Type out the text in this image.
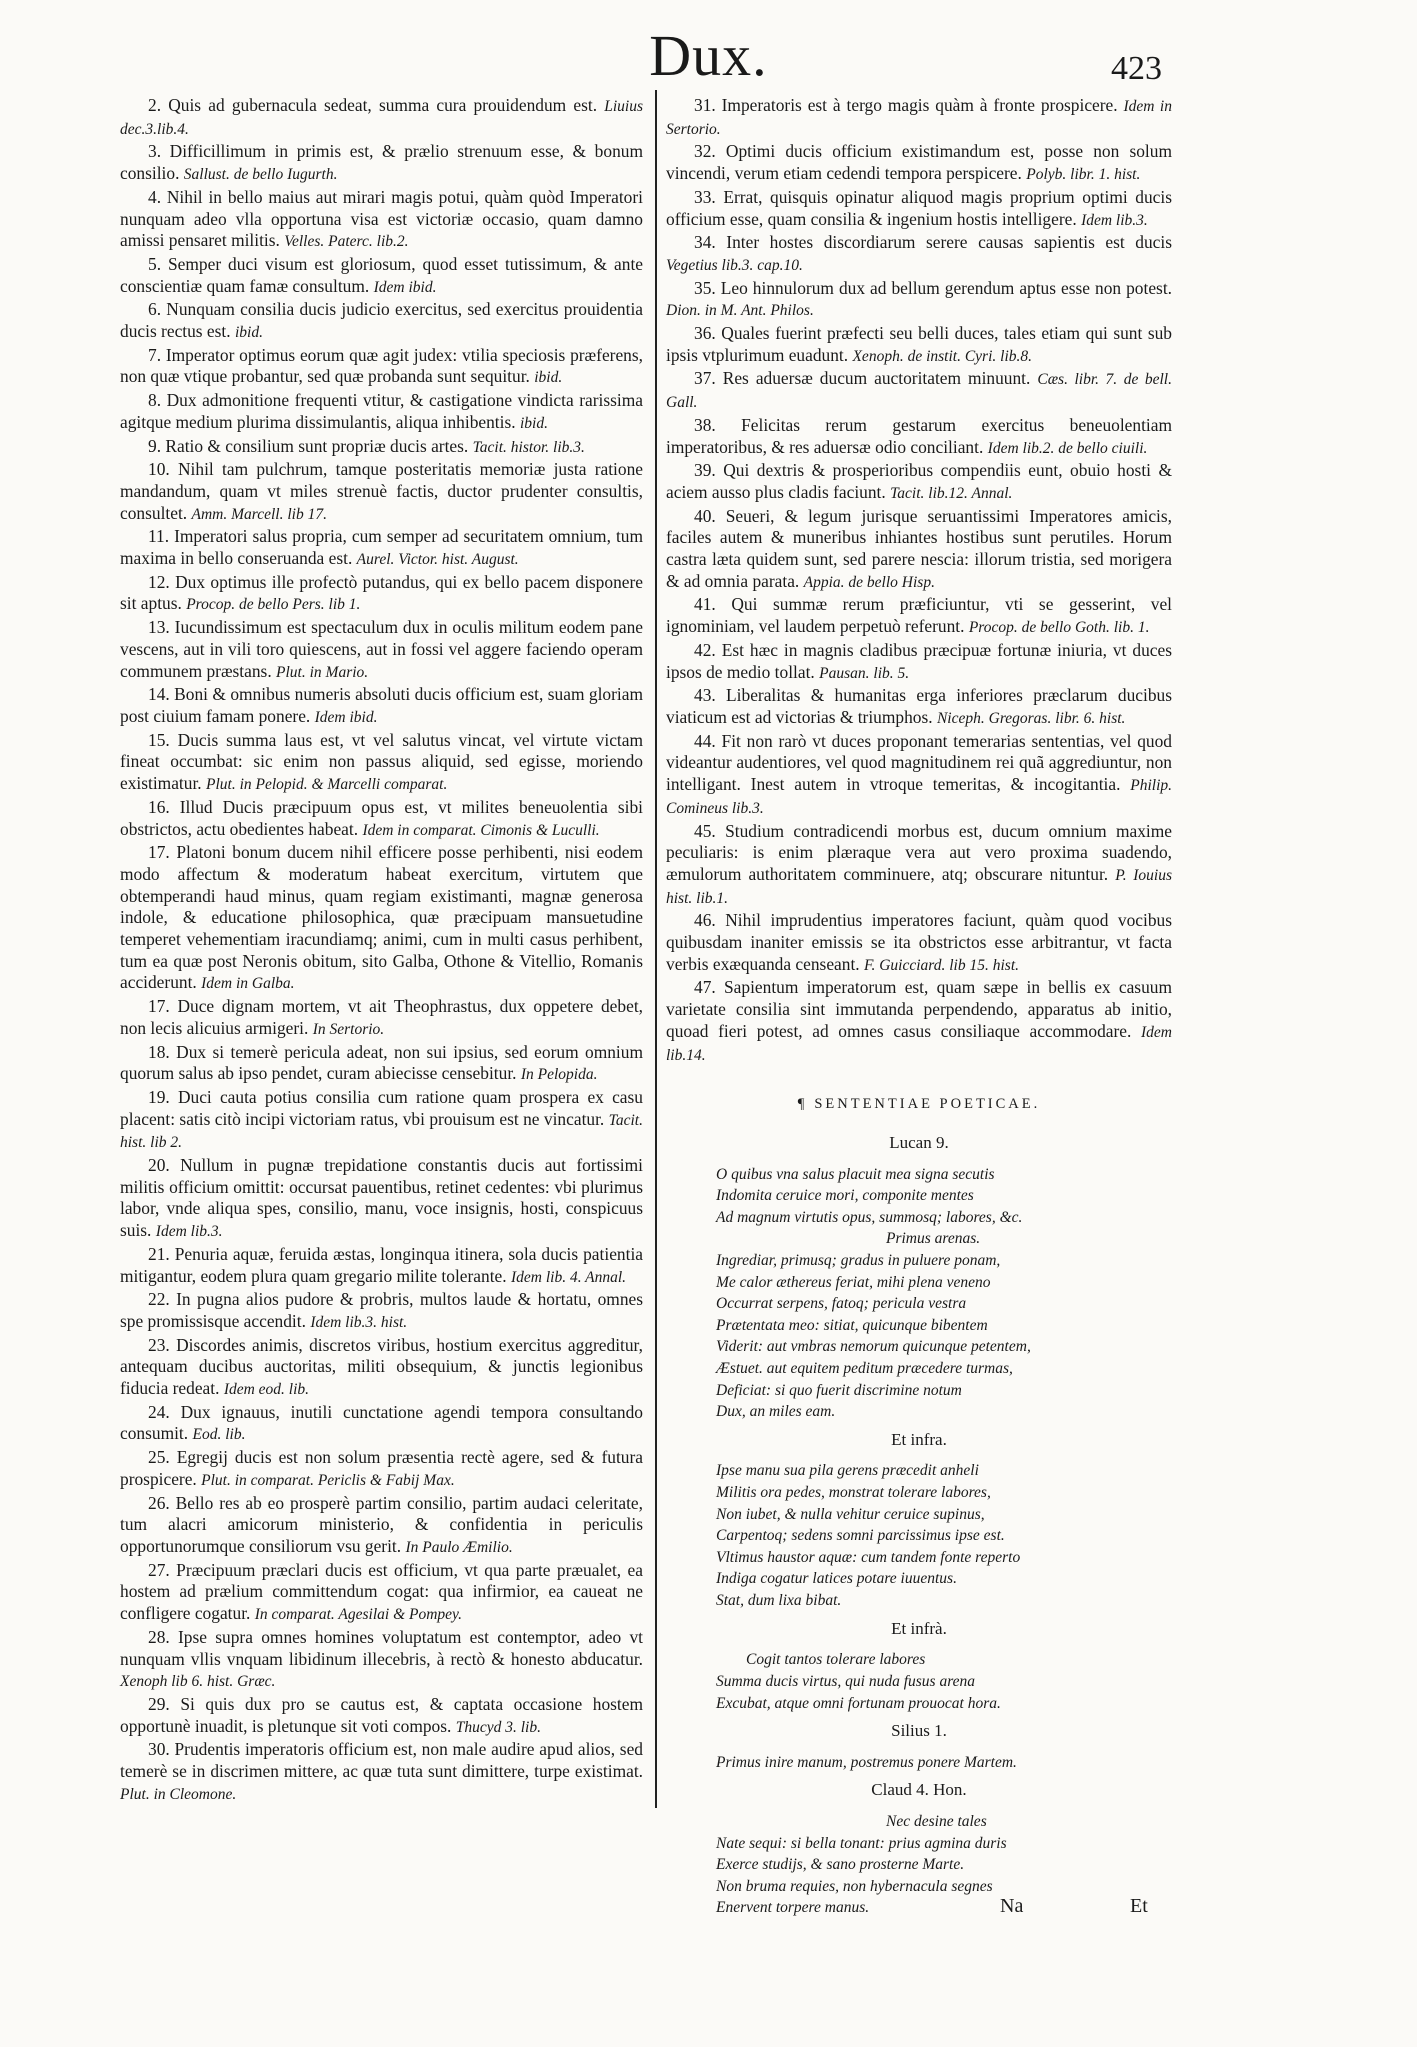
Dux.	423
2. Quis ad gubernacula sedeat, summa cura prouidendum est. Liuius dec.3.lib.4.
3. Difficillimum in primis est, & prælio strenuum esse, & bonum consilio. Sallust. de bello Iugurth.
4. Nihil in bello maius aut mirari magis potui, quàm quòd Imperatori nunquam adeo vlla opportuna visa est victoriæ occasio, quam damno amissi pensaret militis. Velles. Paterc. lib.2.
5. Semper duci visum est gloriosum, quod esset tutissimum, & ante conscientiæ quam famæ consultum. Idem ibid.
6. Nunquam consilia ducis judicio exercitus, sed exercitus prouidentia ducis rectus est. ibid.
7. Imperator optimus eorum quæ agit judex: vtilia speciosis præferens, non quæ vtique probantur, sed quæ probanda sunt sequitur. ibid.
8. Dux admonitione frequenti vtitur, & castigatione vindicta rarissima agitque medium plurima dissimulantis, aliqua inhibentis. ibid.
9. Ratio & consilium sunt propriæ ducis artes. Tacit. histor. lib.3.
10. Nihil tam pulchrum, tamque posteritatis memoriæ justa ratione mandandum, quam vt miles strenuè factis, ductor prudenter consultis, consultet. Amm. Marcell. lib 17.
11. Imperatori salus propria, cum semper ad securitatem omnium, tum maxima in bello conseruanda est. Aurel. Victor. hist. August.
12. Dux optimus ille profectò putandus, qui ex bello pacem disponere sit aptus. Procop. de bello Pers. lib 1.
13. Iucundissimum est spectaculum dux in oculis militum eodem pane vescens, aut in vili toro quiescens, aut in fossi vel aggere faciendo operam communem præstans. Plut. in Mario.
14. Boni & omnibus numeris absoluti ducis officium est, suam gloriam post ciuium famam ponere. Idem ibid.
15. Ducis summa laus est, vt vel salutus vincat, vel virtute victam fineat occumbat: sic enim non passus aliquid, sed egisse, moriendo existimatur. Plut. in Pelopid. & Marcelli comparat.
16. Illud Ducis præcipuum opus est, vt milites beneuolentia sibi obstrictos, actu obedientes habeat. Idem in comparat. Cimonis & Luculli.
17. Platoni bonum ducem nihil efficere posse perhibenti, nisi eodem modo affectum & moderatum habeat exercitum, virtutem que obtemperandi haud minus, quam regiam existimanti, magnæ generosa indole, & educatione philosophica, quæ præcipuam mansuetudine temperet vehementiam iracundiamq; animi, cum in multi casus perhibent, tum ea quæ post Neronis obitum, sito Galba, Othone & Vitellio, Romanis acciderunt. Idem in Galba.
17. Duce dignam mortem, vt ait Theophrastus, dux oppetere debet, non lecis alicuius armigeri. In Sertorio.
18. Dux si temerè pericula adeat, non sui ipsius, sed eorum omnium quorum salus ab ipso pendet, curam abiecisse censebitur. In Pelopida.
19. Duci cauta potius consilia cum ratione quam prospera ex casu placent: satis citò incipi victoriam ratus, vbi prouisum est ne vincatur. Tacit. hist. lib 2.
20. Nullum in pugnæ trepidatione constantis ducis aut fortissimi militis officium omittit: occursat pauentibus, retinet cedentes: vbi plurimus labor, vnde aliqua spes, consilio, manu, voce insignis, hosti, conspicuus suis. Idem lib.3.
21. Penuria aquæ, feruida æstas, longinqua itinera, sola ducis patientia mitigantur, eodem plura quam gregario milite tolerante. Idem lib. 4. Annal.
22. In pugna alios pudore & probris, multos laude & hortatu, omnes spe promissisque accendit. Idem lib.3. hist.
23. Discordes animis, discretos viribus, hostium exercitus aggreditur, antequam ducibus auctoritas, militi obsequium, & junctis legionibus fiducia redeat. Idem eod. lib.
24. Dux ignauus, inutili cunctatione agendi tempora consultando consumit. Eod. lib.
25. Egregij ducis est non solum præsentia rectè agere, sed & futura prospicere. Plut. in comparat. Periclis & Fabij Max.
26. Bello res ab eo prosperè partim consilio, partim audaci celeritate, tum alacri amicorum ministerio, & confidentia in periculis opportunorumque consiliorum vsu gerit. In Paulo Æmilio.
27. Præcipuum præclari ducis est officium, vt qua parte præualet, ea hostem ad prælium committendum cogat: qua infirmior, ea caueat ne confligere cogatur. In comparat. Agesilai & Pompey.
28. Ipse supra omnes homines voluptatum est contemptor, adeo vt nunquam vllis vnquam libidinum illecebris, à rectò & honesto abducatur. Xenoph lib 6. hist. Græc.
29. Si quis dux pro se cautus est, & captata occasione hostem opportunè inuadit, is pletunque sit voti compos. Thucyd 3. lib.
30. Prudentis imperatoris officium est, non male audire apud alios, sed temerè se in discrimen mittere, ac quæ tuta sunt dimittere, turpe existimat. Plut. in Cleomone.
31. Imperatoris est à tergo magis quàm à fronte prospicere. Idem in Sertorio.
32. Optimi ducis officium existimandum est, posse non solum vincendi, verum etiam cedendi tempora perspicere. Polyb. libr. 1. hist.
33. Errat, quisquis opinatur aliquod magis proprium optimi ducis officium esse, quam consilia & ingenium hostis intelligere. Idem lib.3.
34. Inter hostes discordiarum serere causas sapientis est ducis Vegetius lib.3. cap.10.
35. Leo hinnulorum dux ad bellum gerendum aptus esse non potest. Dion. in M. Ant. Philos.
36. Quales fuerint præfecti seu belli duces, tales etiam qui sunt sub ipsis vtplurimum euadunt. Xenoph. de instit. Cyri. lib.8.
37. Res aduersæ ducum auctoritatem minuunt. Cæs. libr. 7. de bell. Gall.
38. Felicitas rerum gestarum exercitus beneuolentiam imperatoribus, & res aduersæ odio conciliant. Idem lib.2. de bello ciuili.
39. Qui dextris & prosperioribus compendiis eunt, obuio hosti & aciem ausso plus cladis faciunt. Tacit. lib.12. Annal.
40. Seueri, & legum jurisque seruantissimi Imperatores amicis, faciles autem & muneribus inhiantes hostibus sunt perutiles. Horum castra læta quidem sunt, sed parere nescia: illorum tristia, sed morigera & ad omnia parata. Appia. de bello Hisp.
41. Qui summæ rerum præficiuntur, vti se gesserint, vel ignominiam, vel laudem perpetuò referunt. Procop. de bello Goth. lib. 1.
42. Est hæc in magnis cladibus præcipuæ fortunæ iniuria, vt duces ipsos de medio tollat. Pausan. lib. 5.
43. Liberalitas & humanitas erga inferiores præclarum ducibus viaticum est ad victorias & triumphos. Niceph. Gregoras. libr. 6. hist.
44. Fit non rarò vt duces proponant temerarias sententias, vel quod videantur audentiores, vel quod magnitudinem rei quã aggrediuntur, non intelligant. Inest autem in vtroque temeritas, & incogitantia. Philip. Comineus lib.3.
45. Studium contradicendi morbus est, ducum omnium maxime peculiaris: is enim plæraque vera aut vero proxima suadendo, æmulorum authoritatem comminuere, atq; obscurare nituntur. P. Iouius hist. lib.1.
46. Nihil imprudentius imperatores faciunt, quàm quod vocibus quibusdam inaniter emissis se ita obstrictos esse arbitrantur, vt facta verbis exæquanda censeant. F. Guicciard. lib 15. hist.
47. Sapientum imperatorum est, quam sæpe in bellis ex casuum varietate consilia sint immutanda perpendendo, apparatus ab initio, quoad fieri potest, ad omnes casus consiliaque accommodare. Idem lib.14.
¶ SENTENTIAE POETICAE.
Lucan 9.
O quibus vna salus placuit mea signa secutis
Indomita ceruice mori, componite mentes
Ad magnum virtutis opus, summosq; labores, &c.
Primus arenas.
Ingrediar, primusq; gradus in puluere ponam,
Me calor æthereus feriat, mihi plena veneno
Occurrat serpens, fatoq; pericula vestra
Prætentata meo: sitiat, quicunque bibentem
Viderit: aut vmbras nemorum quicunque petentem,
Æstuet. aut equitem peditum præcedere turmas,
Deficiat: si quo fuerit discrimine notum
Dux, an miles eam.
Et infra.
Ipse manu sua pila gerens præcedit anheli
Militis ora pedes, monstrat tolerare labores,
Non iubet, & nulla vehitur ceruice supinus,
Carpentoq; sedens somni parcissimus ipse est.
Vltimus haustor aquæ: cum tandem fonte reperto
Indiga cogatur latices potare iuuentus.
Stat, dum lixa bibat.
Et infrà.
Cogit tantos tolerare labores
Summa ducis virtus, qui nuda fusus arena
Excubat, atque omni fortunam prouocat hora.
Silius 1.
Primus inire manum, postremus ponere Martem.
Claud 4. Hon.
Nec desine tales
Nate sequi: si bella tonant: prius agmina duris
Exerce studijs, & sano prosterne Marte.
Non bruma requies, non hybernacula segnes
Enervent torpere manus.	Na	Et
